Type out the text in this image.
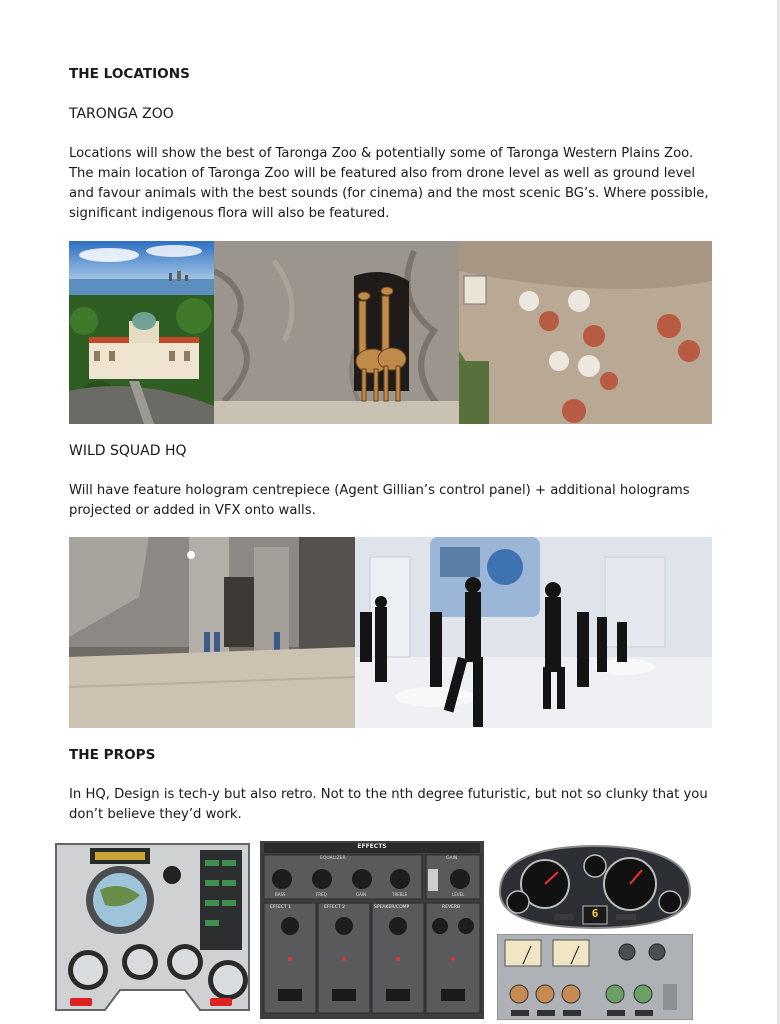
THE LOCATIONS
TARONGA ZOO
Locations will show the best of Taronga Zoo & potentially some of Taronga Western Plains Zoo.
The main location of Taronga Zoo will be featured also from drone level as well as ground level
and favour animals with the best sounds (for cinema) and the most scenic BG’s. Where possible,
significant indigenous flora will also be featured.
WILD SQUAD HQ
Will have feature hologram centrepiece (Agent Gillian’s control panel) + additional holograms
projected or added in VFX onto walls.
THE PROPS
In HQ, Design is tech-y but also retro. Not to the nth degree futuristic, but not so clunky that you
don’t believe they’d work.
EFFECTS
EQUALIZER	GAIN
BASS	FREQ	GAIN	TREBLE	LEVEL
EFFECT 1	EFFECT 2	SPEAKER/COMP	REVERB	6
